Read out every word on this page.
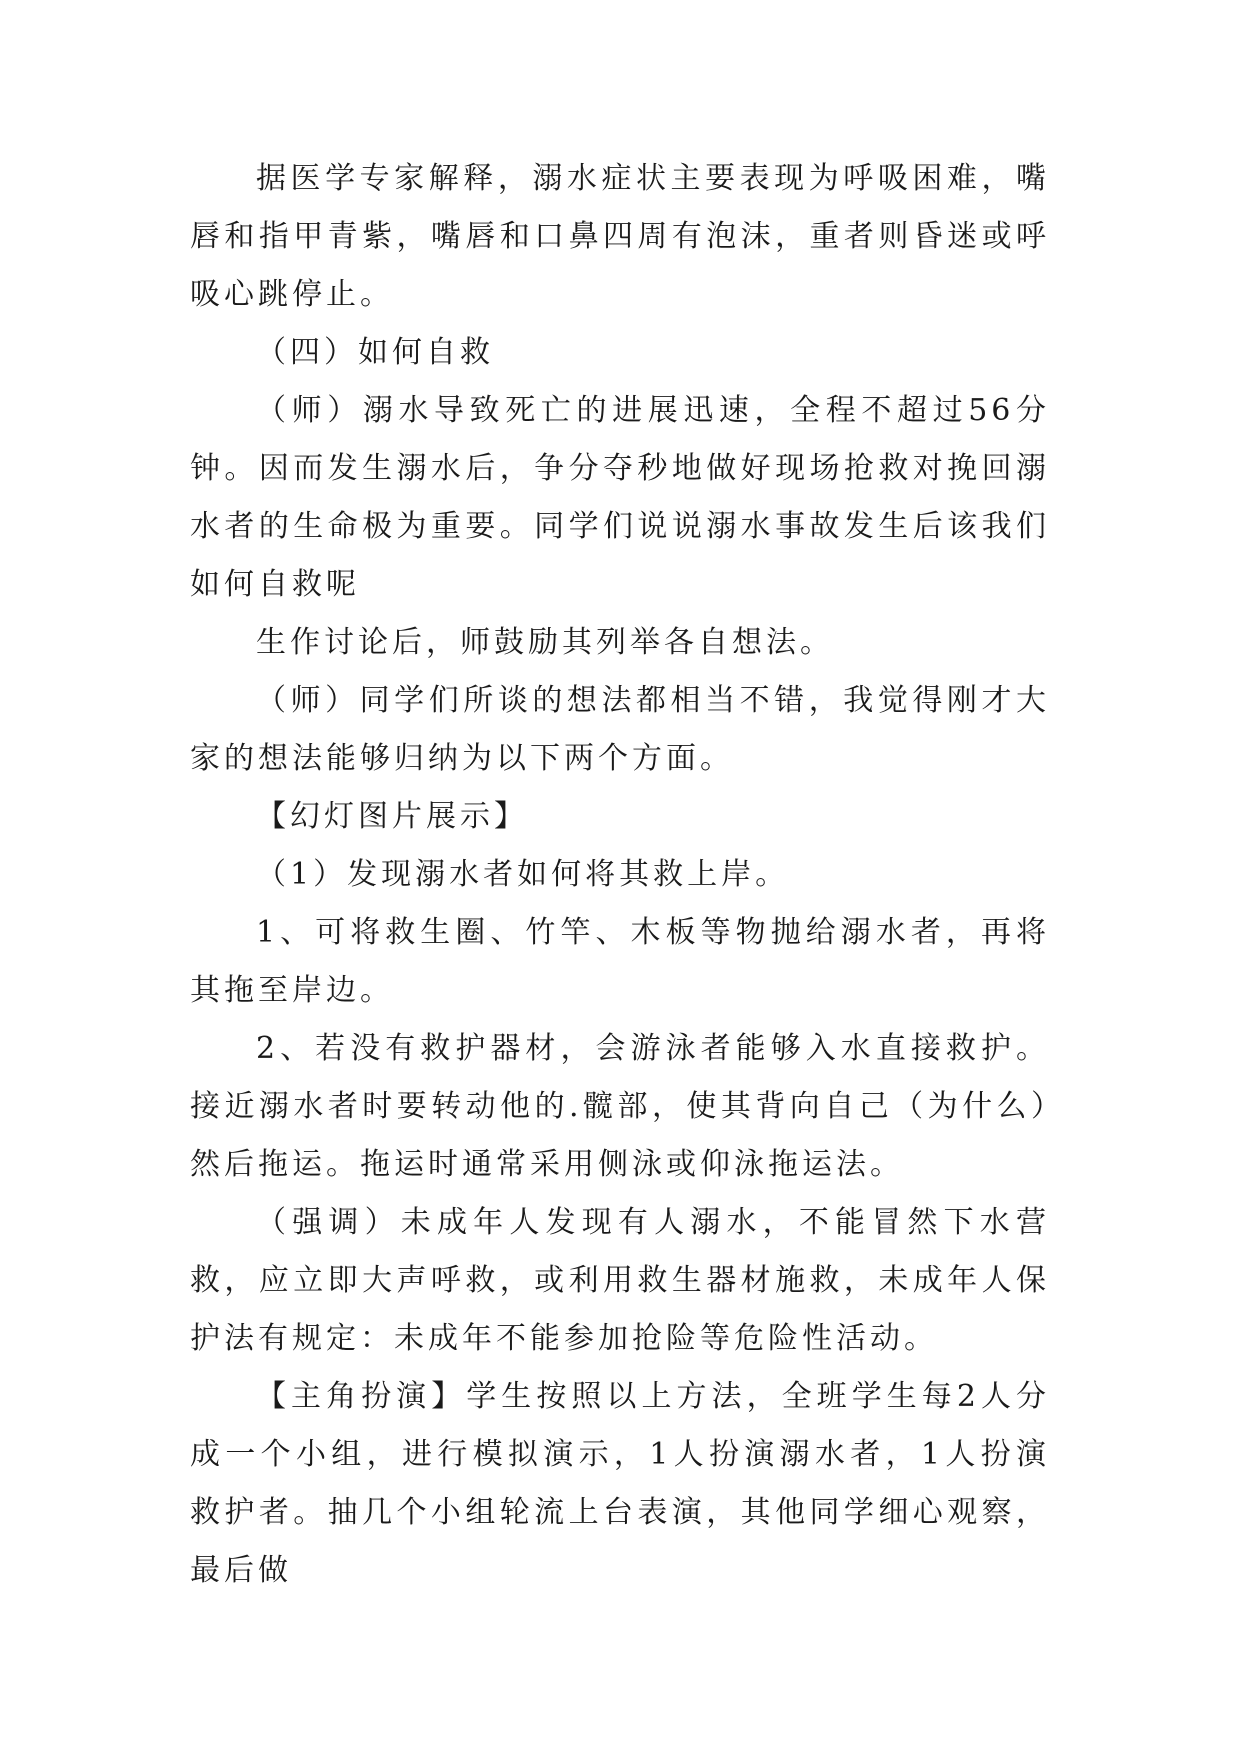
据医学专家解释，溺水症状主要表现为呼吸困难，嘴唇和指甲青紫，嘴唇和口鼻四周有泡沫，重者则昏迷或呼吸心跳停止。

（四）如何自救

（师）溺水导致死亡的进展迅速，全程不超过56分钟。因而发生溺水后，争分夺秒地做好现场抢救对挽回溺水者的生命极为重要。同学们说说溺水事故发生后该我们如何自救呢

生作讨论后，师鼓励其列举各自想法。

（师）同学们所谈的想法都相当不错，我觉得刚才大家的想法能够归纳为以下两个方面。

【幻灯图片展示】

（1）发现溺水者如何将其救上岸。

1、可将救生圈、竹竿、木板等物抛给溺水者，再将其拖至岸边。

2、若没有救护器材，会游泳者能够入水直接救护。接近溺水者时要转动他的.髋部，使其背向自己（为什么）然后拖运。拖运时通常采用侧泳或仰泳拖运法。

（强调）未成年人发现有人溺水，不能冒然下水营救，应立即大声呼救，或利用救生器材施救，未成年人保护法有规定：未成年不能参加抢险等危险性活动。

【主角扮演】学生按照以上方法，全班学生每2人分成一个小组，进行模拟演示，1人扮演溺水者，1人扮演救护者。抽几个小组轮流上台表演，其他同学细心观察，最后做
